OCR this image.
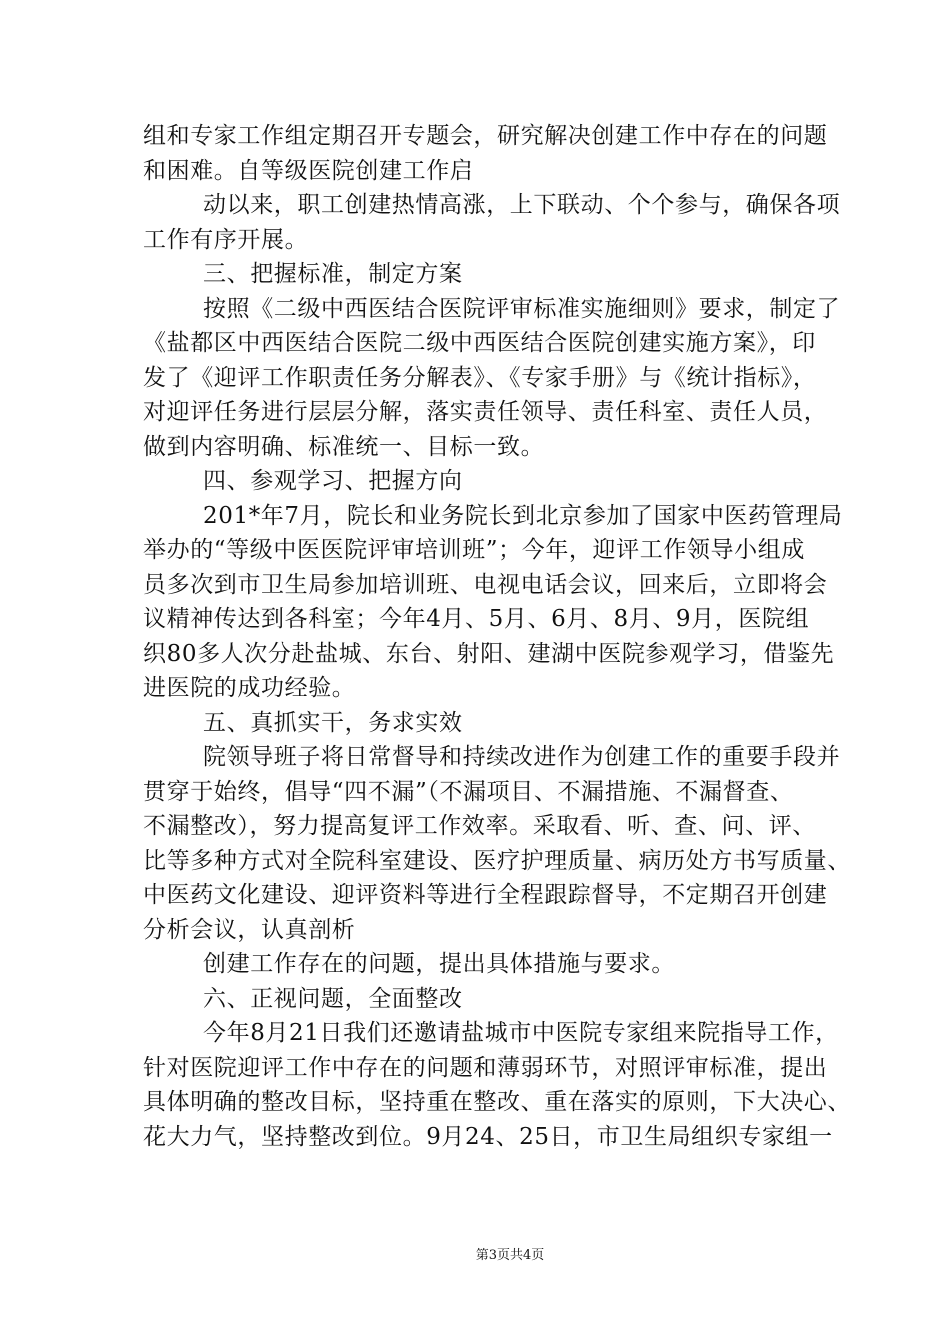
组和专家工作组定期召开专题会，研究解决创建工作中存在的问题
和困难。自等级医院创建工作启
动以来，职工创建热情高涨，上下联动、个个参与，确保各项
工作有序开展。
三、把握标准，制定方案
按照《二级中西医结合医院评审标准实施细则》要求，制定了
《盐都区中西医结合医院二级中西医结合医院创建实施方案》，印
发了《迎评工作职责任务分解表》、《专家手册》与《统计指标》，
对迎评任务进行层层分解，落实责任领导、责任科室、责任人员，
做到内容明确、标准统一、目标一致。
四、参观学习、把握方向
201*年7月，院长和业务院长到北京参加了国家中医药管理局
举办的“等级中医医院评审培训班”；今年，迎评工作领导小组成
员多次到市卫生局参加培训班、电视电话会议，回来后，立即将会
议精神传达到各科室；今年4月、5月、6月、8月、9月，医院组
织80多人次分赴盐城、东台、射阳、建湖中医院参观学习，借鉴先
进医院的成功经验。
五、真抓实干，务求实效
院领导班子将日常督导和持续改进作为创建工作的重要手段并
贯穿于始终，倡导“四不漏”（不漏项目、不漏措施、不漏督查、
不漏整改），努力提高复评工作效率。采取看、听、查、问、评、
比等多种方式对全院科室建设、医疗护理质量、病历处方书写质量、
中医药文化建设、迎评资料等进行全程跟踪督导，不定期召开创建
分析会议，认真剖析
创建工作存在的问题，提出具体措施与要求。
六、正视问题，全面整改
今年8月21日我们还邀请盐城市中医院专家组来院指导工作，
针对医院迎评工作中存在的问题和薄弱环节，对照评审标准，提出
具体明确的整改目标，坚持重在整改、重在落实的原则，下大决心、
花大力气，坚持整改到位。9月24、25日，市卫生局组织专家组一
第3页共4页
